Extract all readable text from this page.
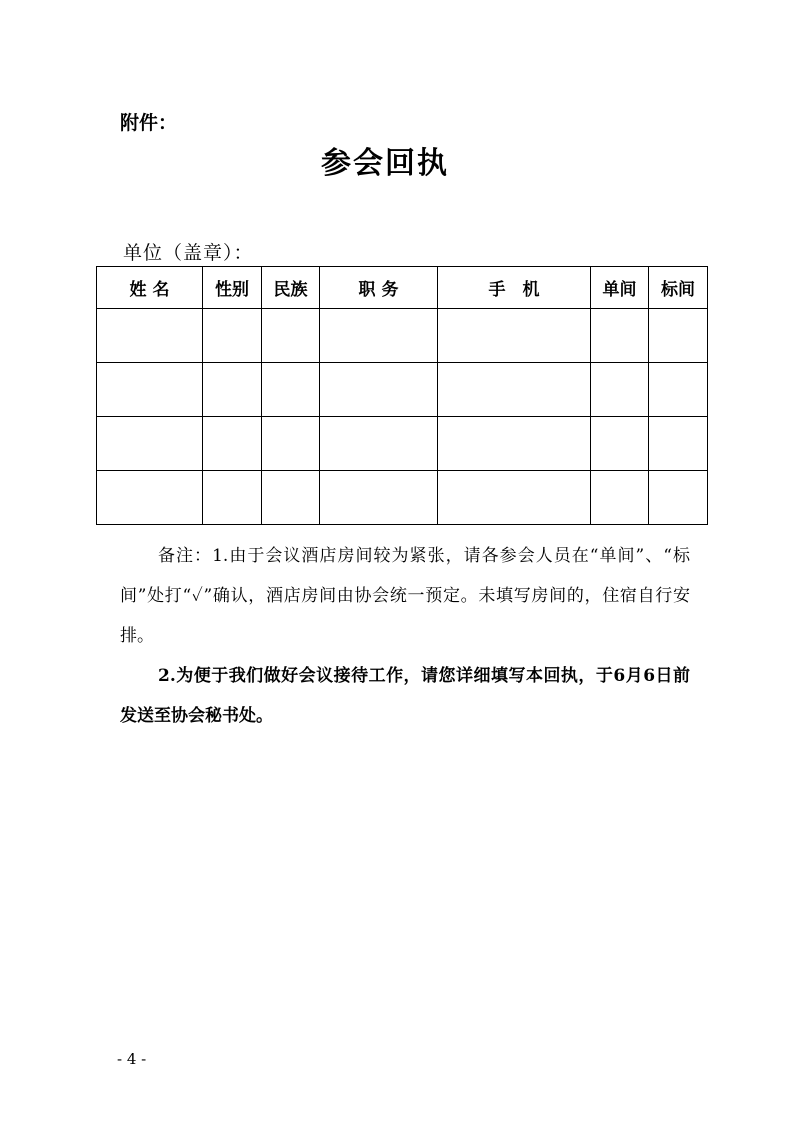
附件：
参会回执
单位（盖章）：
姓 名	性别	民族	职 务	手　机	单间	标间

备注：1.由于会议酒店房间较为紧张，请各参会人员在“单间”、“标间”处打“✓”确认，酒店房间由协会统一预定。未填写房间的，住宿自行安排。
2.为便于我们做好会议接待工作，请您详细填写本回执，于6月6日前发送至协会秘书处。
- 4 -
